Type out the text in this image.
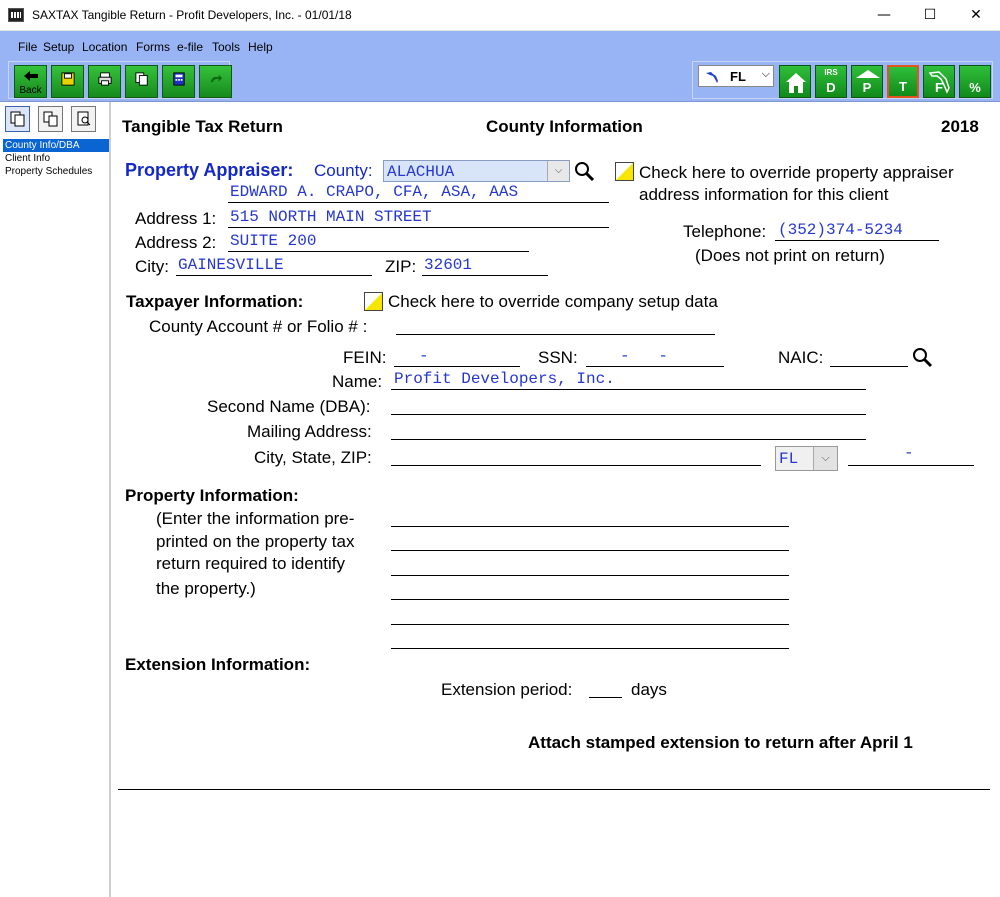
SAXTAX Tangible Return - Profit Developers, Inc. - 01/01/18	—	☐	✕
File Setup Location Forms e-file Tools Help
Back
FL ⌵	IRS
D	P	T	F	%
County Info/DBA
Client Info
Property Schedules
Tangible Tax Return	County Information	2018
Property Appraiser: County: ALACHUA	⌵	Check here to override property appraiser
address information for this client
EDWARD A. CRAPO, CFA, ASA, AAS
Address 1: 515 NORTH MAIN STREET
Address 2: SUITE 200
City: GAINESVILLE	ZIP: 32601
Telephone: (352)374-5234
(Does not print on return)
Taxpayer Information:	Check here to override company setup data
County Account # or Folio # :
FEIN: -	SSN:	-   -	NAIC:
Name: Profit Developers, Inc.
Second Name (DBA):
Mailing Address:
City, State, ZIP:	FL	⌵	-
Property Information:
(Enter the information pre-
printed on the property tax
return required to identify
the property.)
Extension Information:
Extension period:	days
Attach stamped extension to return after April 1
